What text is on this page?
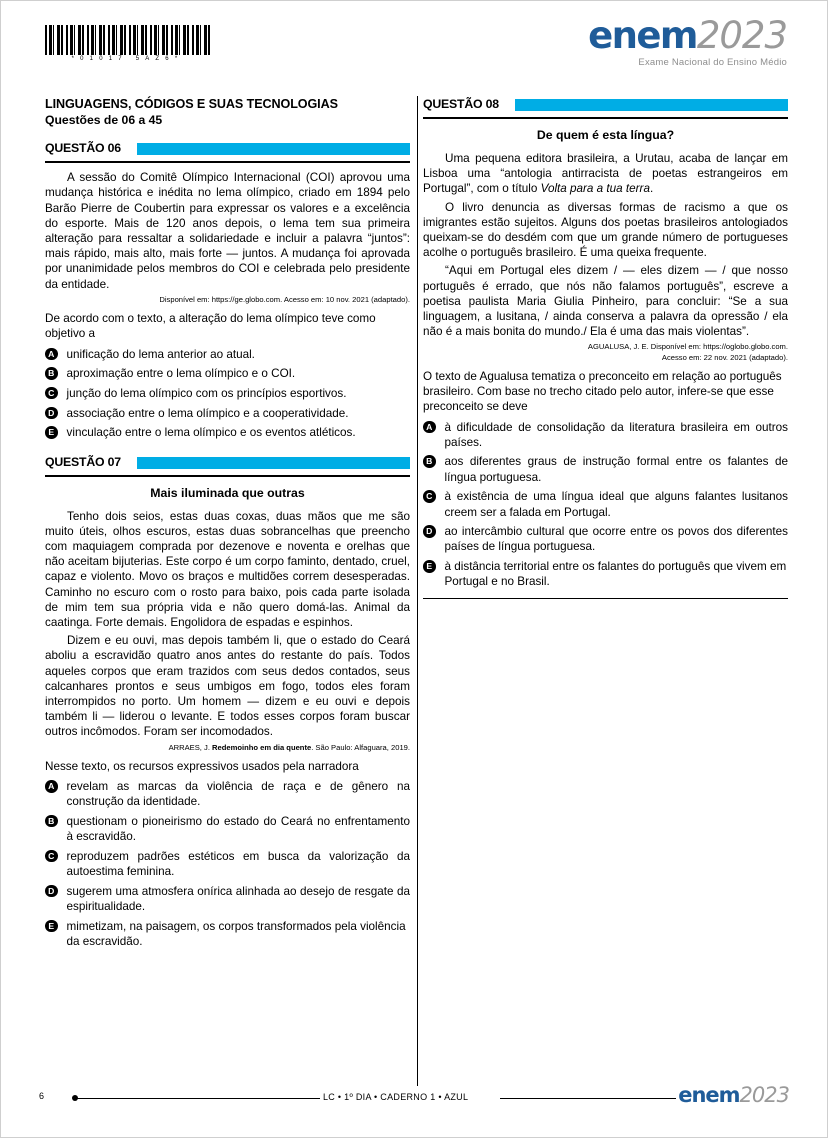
*01017 5AZ6*
enem2023
Exame Nacional do Ensino Médio
LINGUAGENS, CÓDIGOS E SUAS TECNOLOGIAS
Questões de 06 a 45
QUESTÃO 06

A sessão do Comitê Olímpico Internacional (COI) aprovou uma mudança histórica e inédita no lema olímpico, criado em 1894 pelo Barão Pierre de Coubertin para expressar os valores e a excelência do esporte. Mais de 120 anos depois, o lema tem sua primeira alteração para ressaltar a solidariedade e incluir a palavra “juntos”: mais rápido, mais alto, mais forte — juntos. A mudança foi aprovada por unanimidade pelos membros do COI e celebrada pelo presidente da entidade.

Disponível em: https://ge.globo.com. Acesso em: 10 nov. 2021 (adaptado).

De acordo com o texto, a alteração do lema olímpico teve como objetivo a

A unificação do lema anterior ao atual.
B aproximação entre o lema olímpico e o COI.
C junção do lema olímpico com os princípios esportivos.
D associação entre o lema olímpico e a cooperatividade.
E vinculação entre o lema olímpico e os eventos atléticos.
QUESTÃO 07
Mais iluminada que outras

Tenho dois seios, estas duas coxas, duas mãos que me são muito úteis, olhos escuros, estas duas sobrancelhas que preencho com maquiagem comprada por dezenove e noventa e orelhas que não aceitam bijuterias. Este corpo é um corpo faminto, dentado, cruel, capaz e violento. Movo os braços e multidões correm desesperadas. Caminho no escuro com o rosto para baixo, pois cada parte isolada de mim tem sua própria vida e não quero domá-las. Animal da caatinga. Forte demais. Engolidora de espadas e espinhos.

Dizem e eu ouvi, mas depois também li, que o estado do Ceará aboliu a escravidão quatro anos antes do restante do país. Todos aqueles corpos que eram trazidos com seus dedos contados, seus calcanhares prontos e seus umbigos em fogo, todos eles foram interrompidos no porto. Um homem — dizem e eu ouvi e depois também li — liderou o levante. E todos esses corpos foram buscar outros incômodos. Foram ser incomodados.

ARRAES, J. Redemoinho em dia quente. São Paulo: Alfaguara, 2019.

Nesse texto, os recursos expressivos usados pela narradora

A revelam as marcas da violência de raça e de gênero na construção da identidade.
B questionam o pioneirismo do estado do Ceará no enfrentamento à escravidão.
C reproduzem padrões estéticos em busca da valorização da autoestima feminina.
D sugerem uma atmosfera onírica alinhada ao desejo de resgate da espiritualidade.
E mimetizam, na paisagem, os corpos transformados pela violência da escravidão.
QUESTÃO 08
De quem é esta língua?

Uma pequena editora brasileira, a Urutau, acaba de lançar em Lisboa uma “antologia antirracista de poetas estrangeiros em Portugal”, com o título Volta para a tua terra.

O livro denuncia as diversas formas de racismo a que os imigrantes estão sujeitos. Alguns dos poetas brasileiros antologiados queixam-se do desdém com que um grande número de portugueses acolhe o português brasileiro. É uma queixa frequente.

“Aqui em Portugal eles dizem / — eles dizem — / que nosso português é errado, que nós não falamos português”, escreve a poetisa paulista Maria Giulia Pinheiro, para concluir: “Se a sua linguagem, a lusitana, / ainda conserva a palavra da opressão / ela não é a mais bonita do mundo./ Ela é uma das mais violentas”.

AGUALUSA, J. E. Disponível em: https://oglobo.globo.com.
Acesso em: 22 nov. 2021 (adaptado).

O texto de Agualusa tematiza o preconceito em relação ao português brasileiro. Com base no trecho citado pelo autor, infere-se que esse preconceito se deve

A à dificuldade de consolidação da literatura brasileira em outros países.
B aos diferentes graus de instrução formal entre os falantes de língua portuguesa.
C à existência de uma língua ideal que alguns falantes lusitanos creem ser a falada em Portugal.
D ao intercâmbio cultural que ocorre entre os povos dos diferentes países de língua portuguesa.
E à distância territorial entre os falantes do português que vivem em Portugal e no Brasil.
6	LC • 1º DIA • CADERNO 1 • AZUL	enem2023
